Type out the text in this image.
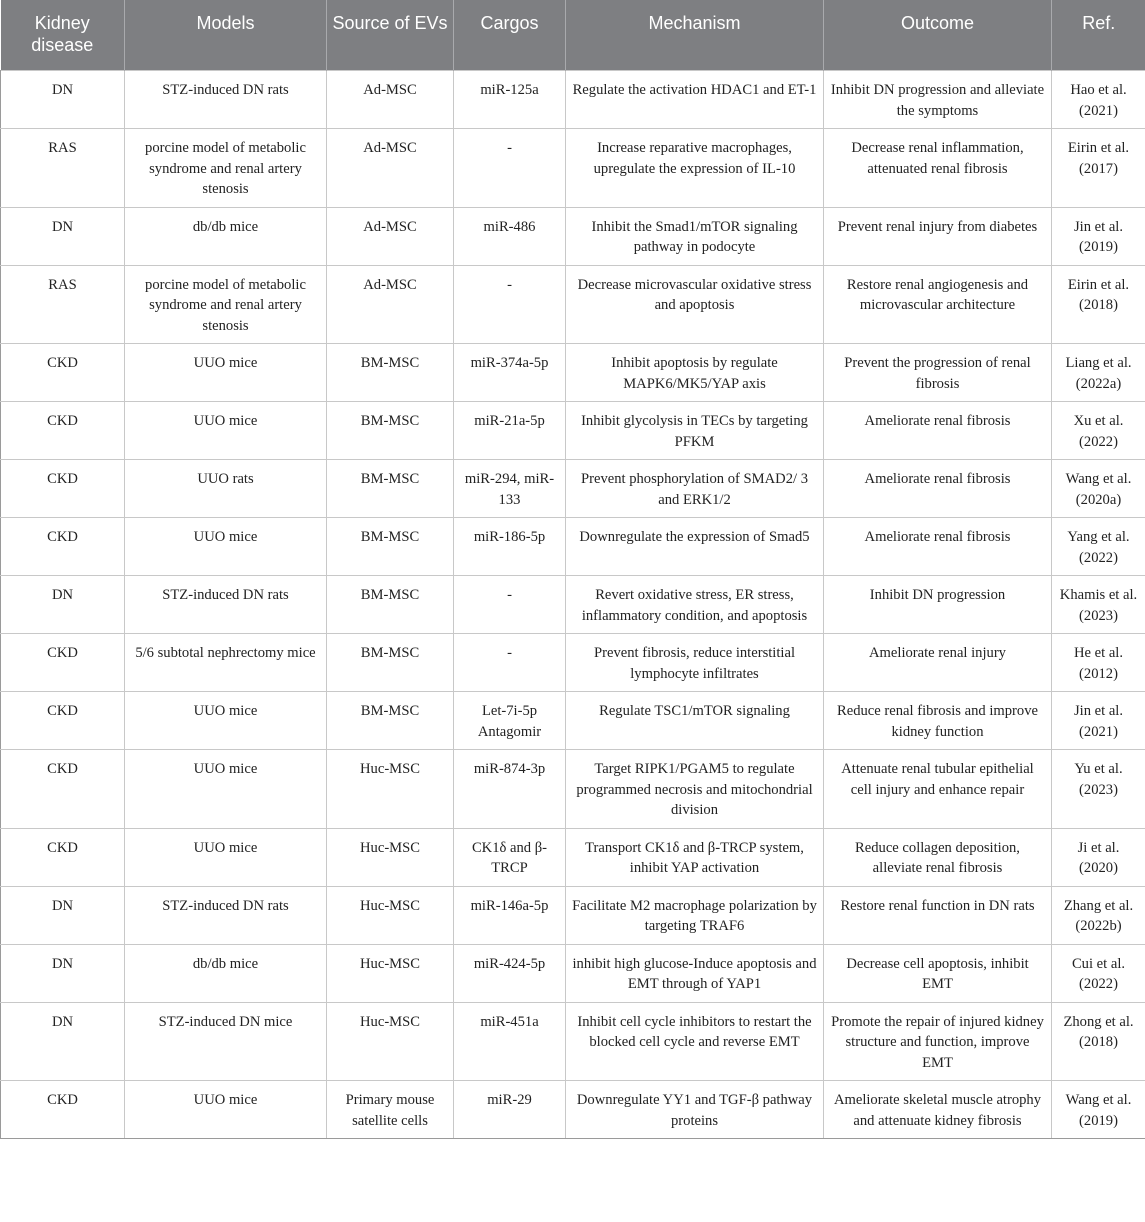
Kidney disease	Models	Source of EVs	Cargos	Mechanism	Outcome	Ref.
DN	STZ-induced DN rats	Ad-MSC	miR-125a	Regulate the activation HDAC1 and ET-1	Inhibit DN progression and alleviate the symptoms	Hao et al. (2021)
RAS	porcine model of metabolic syndrome and renal artery stenosis	Ad-MSC	-	Increase reparative macrophages, upregulate the expression of IL-10	Decrease renal inflammation, attenuated renal fibrosis	Eirin et al. (2017)
DN	db/db mice	Ad-MSC	miR-486	Inhibit the Smad1/mTOR signaling pathway in podocyte	Prevent renal injury from diabetes	Jin et al. (2019)
RAS	porcine model of metabolic syndrome and renal artery stenosis	Ad-MSC	-	Decrease microvascular oxidative stress and apoptosis	Restore renal angiogenesis and microvascular architecture	Eirin et al. (2018)
CKD	UUO mice	BM-MSC	miR-374a-5p	Inhibit apoptosis by regulate MAPK6/MK5/YAP axis	Prevent the progression of renal fibrosis	Liang et al. (2022a)
CKD	UUO mice	BM-MSC	miR-21a-5p	Inhibit glycolysis in TECs by targeting PFKM	Ameliorate renal fibrosis	Xu et al. (2022)
CKD	UUO rats	BM-MSC	miR-294, miR-133	Prevent phosphorylation of SMAD2/ 3 and ERK1/2	Ameliorate renal fibrosis	Wang et al. (2020a)
CKD	UUO mice	BM-MSC	miR-186-5p	Downregulate the expression of Smad5	Ameliorate renal fibrosis	Yang et al. (2022)
DN	STZ-induced DN rats	BM-MSC	-	Revert oxidative stress, ER stress, inflammatory condition, and apoptosis	Inhibit DN progression	Khamis et al. (2023)
CKD	5/6 subtotal nephrectomy mice	BM-MSC	-	Prevent fibrosis, reduce interstitial lymphocyte infiltrates	Ameliorate renal injury	He et al. (2012)
CKD	UUO mice	BM-MSC	Let-7i-5p Antagomir	Regulate TSC1/mTOR signaling	Reduce renal fibrosis and improve kidney function	Jin et al. (2021)
CKD	UUO mice	Huc-MSC	miR-874-3p	Target RIPK1/PGAM5 to regulate programmed necrosis and mitochondrial division	Attenuate renal tubular epithelial cell injury and enhance repair	Yu et al. (2023)
CKD	UUO mice	Huc-MSC	CK1δ and β-TRCP	Transport CK1δ and β-TRCP system, inhibit YAP activation	Reduce collagen deposition, alleviate renal fibrosis	Ji et al. (2020)
DN	STZ-induced DN rats	Huc-MSC	miR-146a-5p	Facilitate M2 macrophage polarization by targeting TRAF6	Restore renal function in DN rats	Zhang et al. (2022b)
DN	db/db mice	Huc-MSC	miR-424-5p	inhibit high glucose-Induce apoptosis and EMT through of YAP1	Decrease cell apoptosis, inhibit EMT	Cui et al. (2022)
DN	STZ-induced DN mice	Huc-MSC	miR-451a	Inhibit cell cycle inhibitors to restart the blocked cell cycle and reverse EMT	Promote the repair of injured kidney structure and function, improve EMT	Zhong et al. (2018)
CKD	UUO mice	Primary mouse satellite cells	miR-29	Downregulate YY1 and TGF-β pathway proteins	Ameliorate skeletal muscle atrophy and attenuate kidney fibrosis	Wang et al. (2019)
